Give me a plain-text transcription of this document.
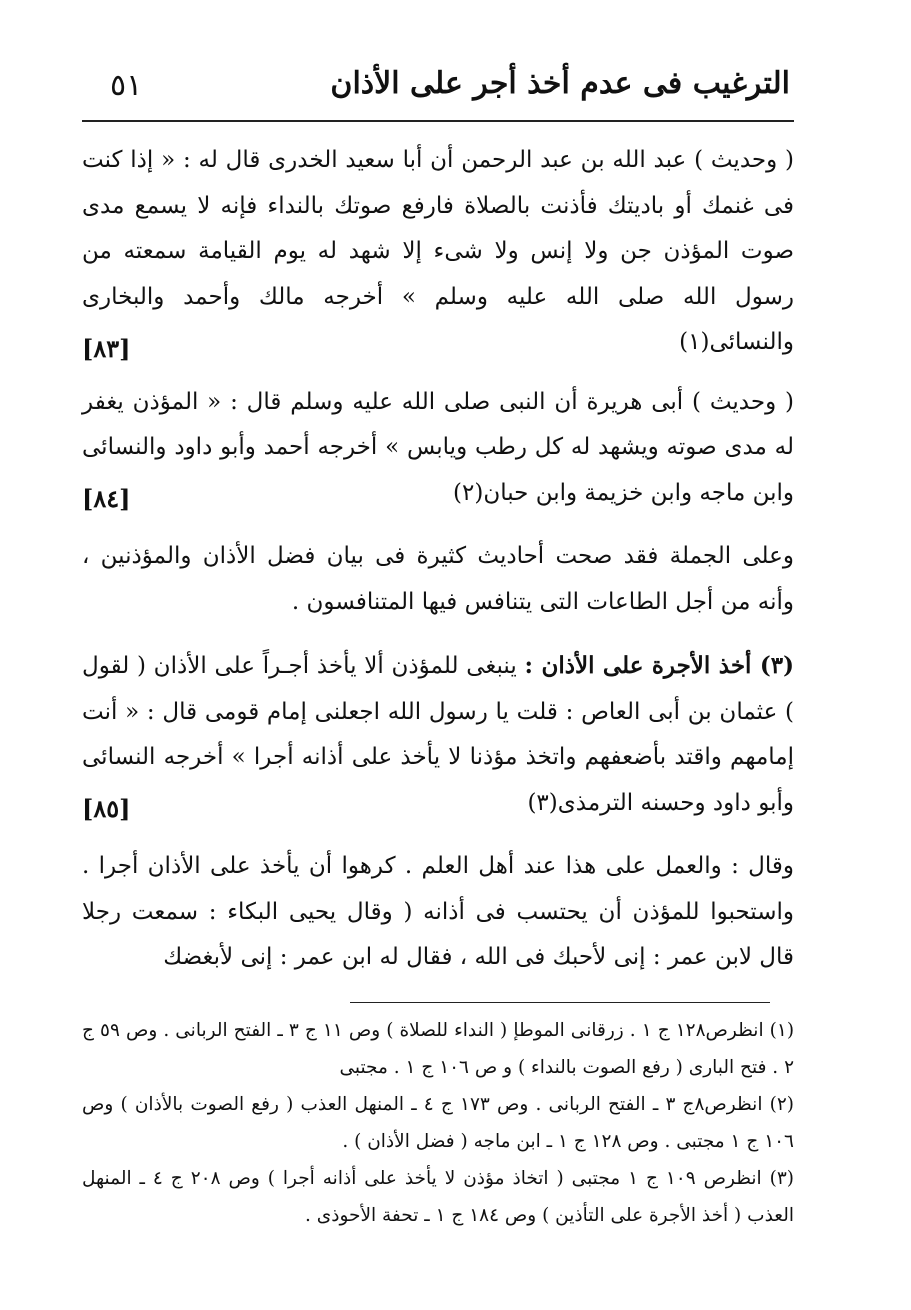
٥١	الترغيب فى عدم أخذ أجر على الأذان

( وحديث ) عبد الله بن عبد الرحمن أن أبا سعيد الخدرى قال له : « إذا كنت فى غنمك أو باديتك فأذنت بالصلاة فارفع صوتك بالنداء فإنه لا يسمع مدى صوت المؤذن جن ولا إنس ولا شىء إلا شهد له يوم القيامة سمعته من رسول الله صلى الله عليه وسلم » أخرجه مالك وأحمد والبخارى والنسائى(١)
[٨٣]

( وحديث ) أبى هريرة أن النبى صلى الله عليه وسلم قال : « المؤذن يغفر له مدى صوته ويشهد له كل رطب ويابس » أخرجه أحمد وأبو داود والنسائى وابن ماجه وابن خزيمة وابن حبان(٢)
[٨٤]

وعلى الجملة فقد صحت أحاديث كثيرة فى بيان فضل الأذان والمؤذنين ، وأنه من أجل الطاعات التى يتنافس فيها المتنافسون .

(٣) أخذ الأجرة على الأذان : ينبغى للمؤذن ألا يأخذ أجـراً على الأذان ( لقول ) عثمان بن أبى العاص : قلت يا رسول الله اجعلنى إمام قومى قال : « أنت إمامهم واقتد بأضعفهم واتخذ مؤذنا لا يأخذ على أذانه أجرا » أخرجه النسائى وأبو داود وحسنه الترمذى(٣)
[٨٥]

وقال : والعمل على هذا عند أهل العلم . كرهوا أن يأخذ على الأذان أجرا . واستحبوا للمؤذن أن يحتسب فى أذانه ( وقال يحيى البكاء : سمعت رجلا قال لابن عمر : إنى لأحبك فى الله ، فقال له ابن عمر : إنى لأبغضك

(١) انظرص١٢٨ ج ١ . زرقانى الموطإ ( النداء للصلاة ) وص ١١ ج ٣ ـ الفتح الربانى . وص ٥٩ ج ٢ . فتح البارى ( رفع الصوت بالنداء ) و ص ١٠٦ ج ١ . مجتبى

(٢) انظرص٨ج ٣ ـ الفتح الربانى . وص ١٧٣ ج ٤ ـ المنهل العذب ( رفع الصوت بالأذان ) وص ١٠٦ ج ١ مجتبى . وص ١٢٨ ج ١ ـ ابن ماجه ( فضل الأذان ) .

(٣) انظرص ١٠٩ ج ١ مجتبى ( اتخاذ مؤذن لا يأخذ على أذانه أجرا ) وص ٢٠٨ ج ٤ ـ المنهل العذب ( أخذ الأجرة على التأذين ) وص ١٨٤ ج ١ ـ تحفة الأحوذى .
